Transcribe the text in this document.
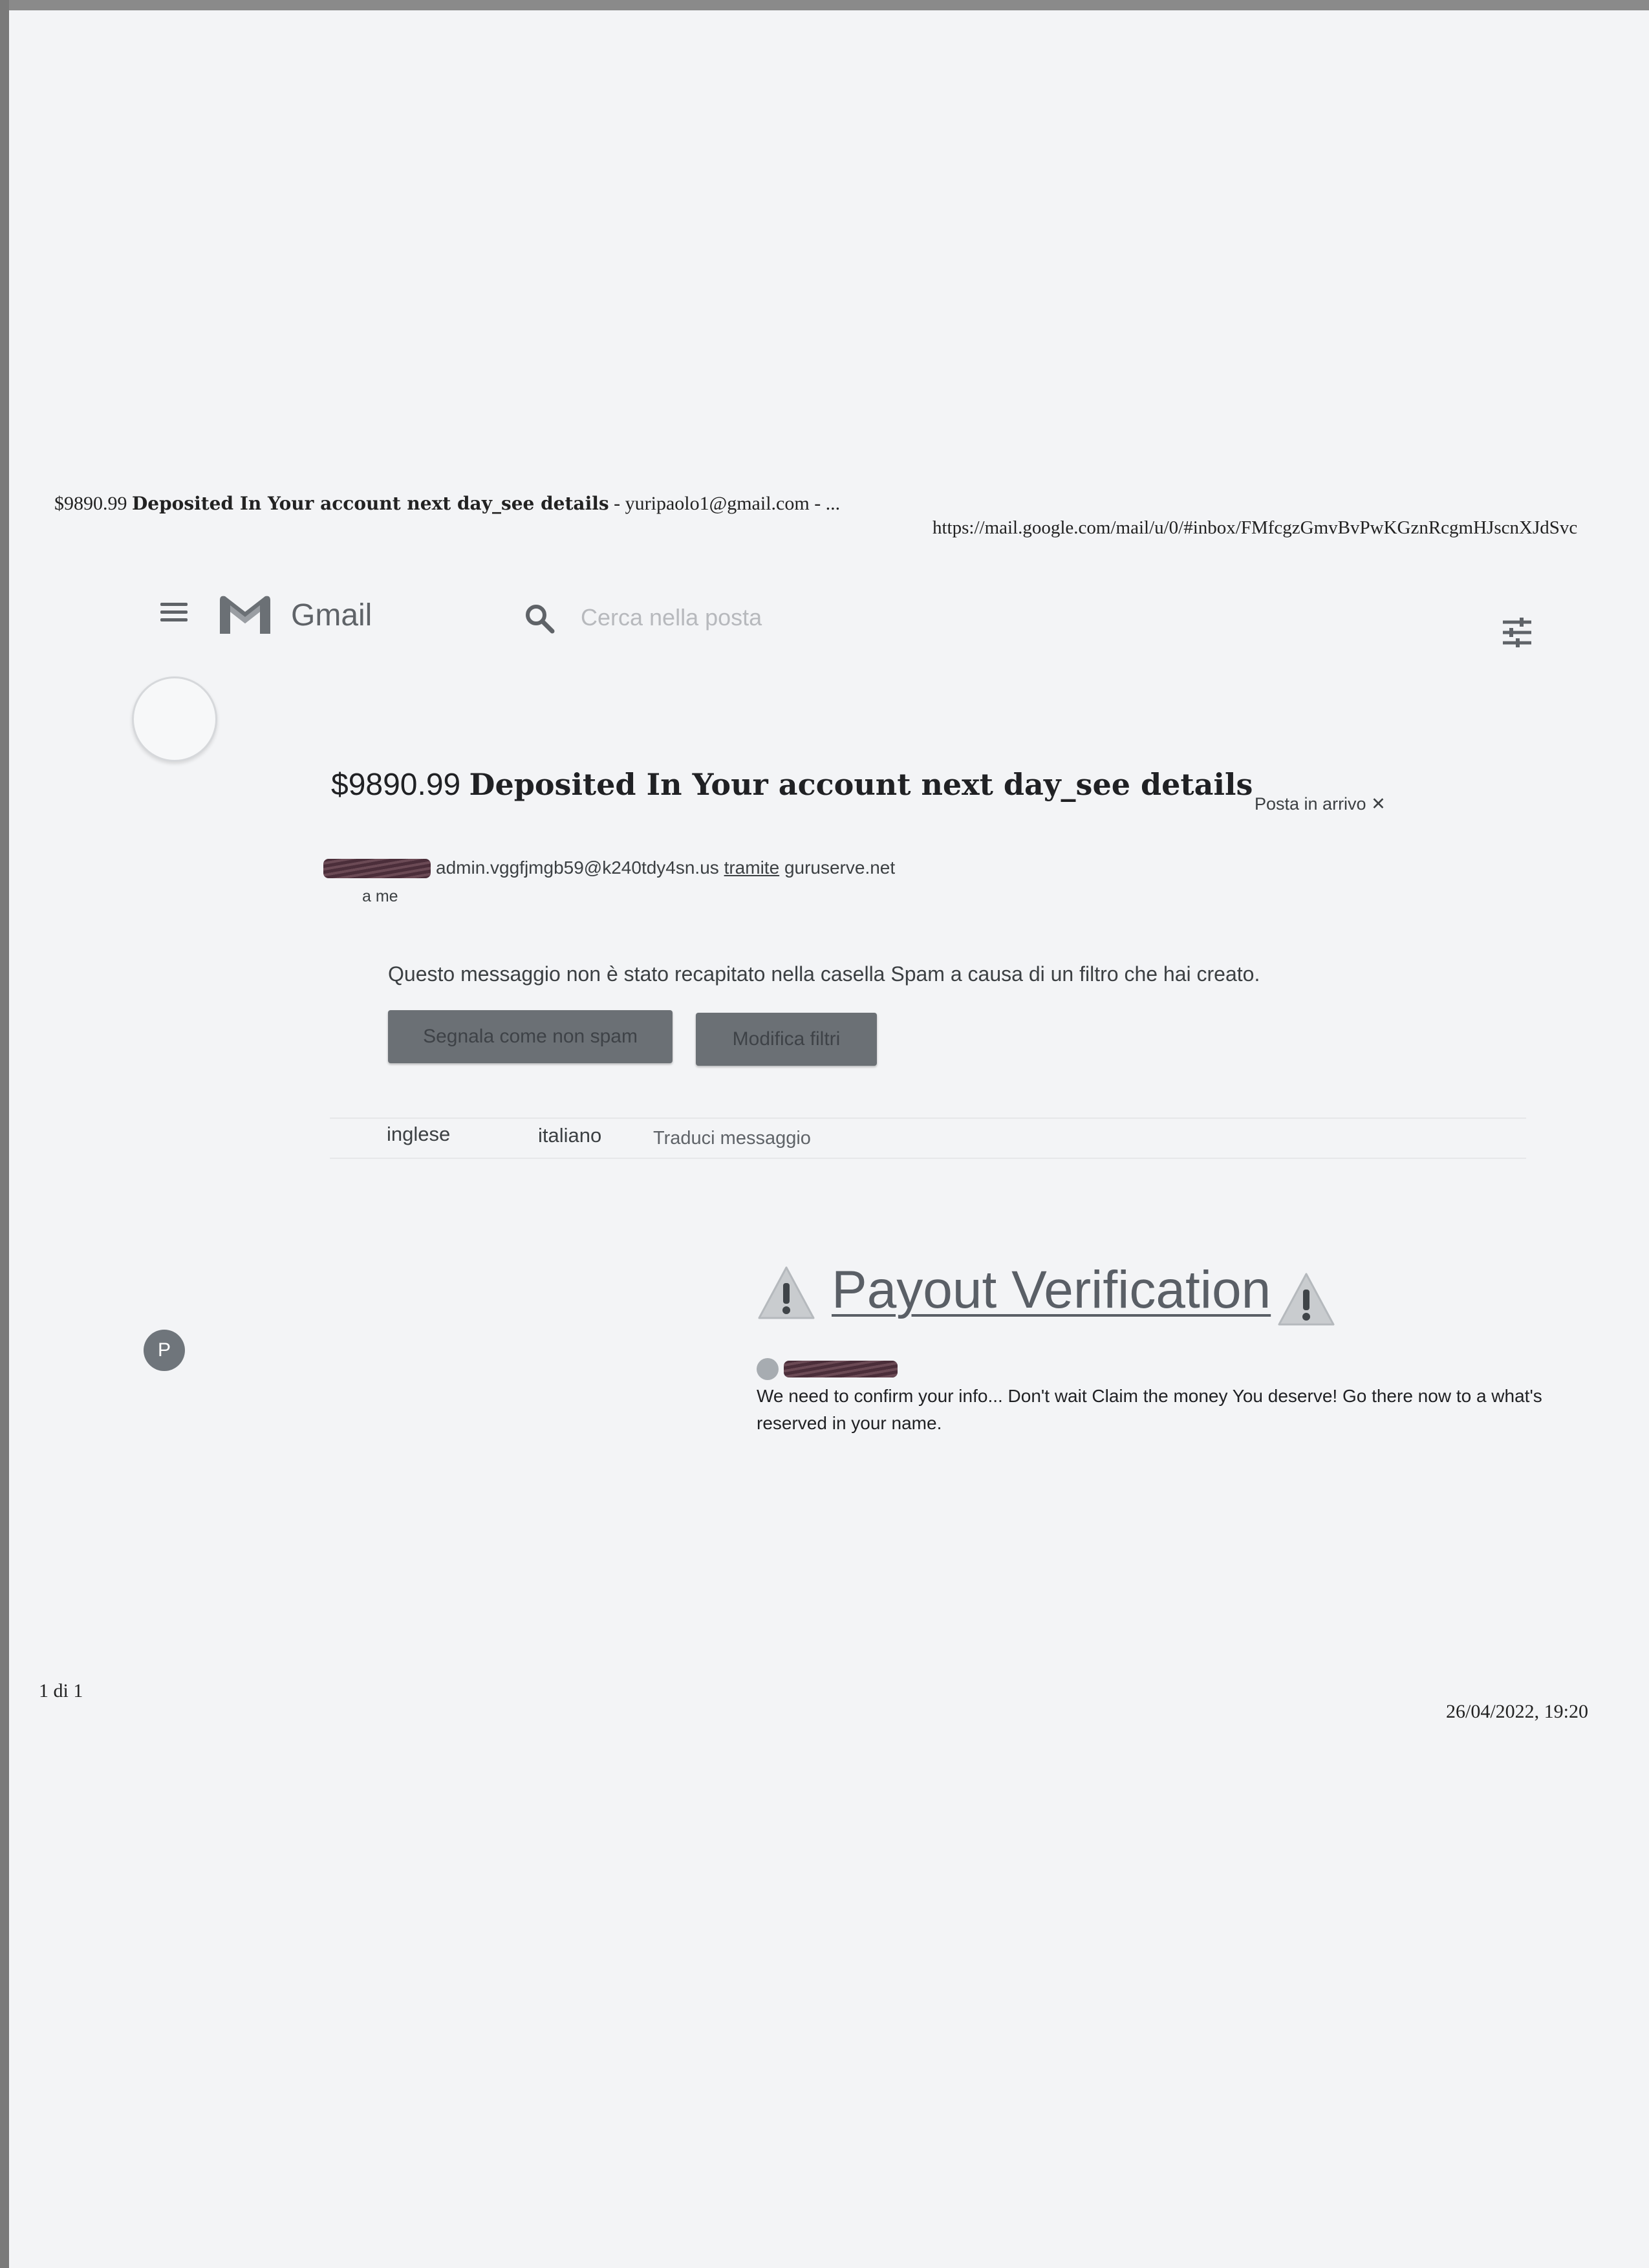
$9890.99 Deposited In Your account next day_see details - yuripaolo1@gmail.com - ...
https://mail.google.com/mail/u/0/#inbox/FMfcgzGmvBvPwKGznRcgmHJscnXJdSvc
Gmail	Cerca nella posta
$9890.99 Deposited In Your account next day_see details
Posta in arrivo ✕
admin.vggfjmgb59@k240tdy4sn.us tramite guruserve.net
a me
Questo messaggio non è stato recapitato nella casella Spam a causa di un filtro che hai creato.
Segnala come non spam	Modifica filtri
inglese	italiano	Traduci messaggio
Payout Verification
P
We need to confirm your info... Don't wait Claim the money You deserve! Go there now to a what's reserved in your name.
1 di 1
26/04/2022, 19:20
